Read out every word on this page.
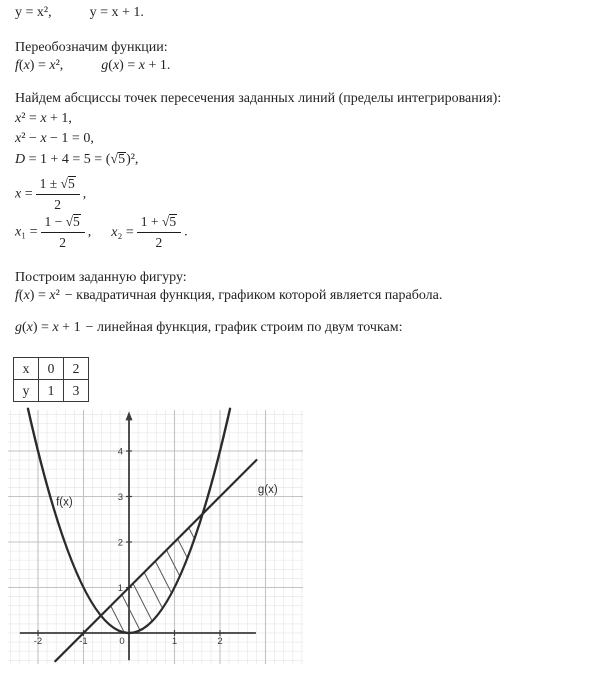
y = x²,	y = x + 1.

Переобозначим функции:

f(x) = x²,	g(x) = x + 1.

Найдем абсциссы точек пересечения заданных линий (пределы интегрирования):

x² = x + 1,

x² − x − 1 = 0,

D = 1 + 4 = 5 = (√5)²,

$x = \frac{1 \pm √5}{2}$ ,

$x_1 = \frac{1 - √5}{2}$ , $x_2 = \frac{1 + √5}{2}$ .

Построим заданную фигуру:

f(x) = x² − квадратичная функция, графиком которой является парабола.

g(x) = x + 1 − линейная функция, график строим по двум точкам:

x	0	2
y	1	3
-2	-1	0	1	2
1
2
3
4
f(x)
g(x)
